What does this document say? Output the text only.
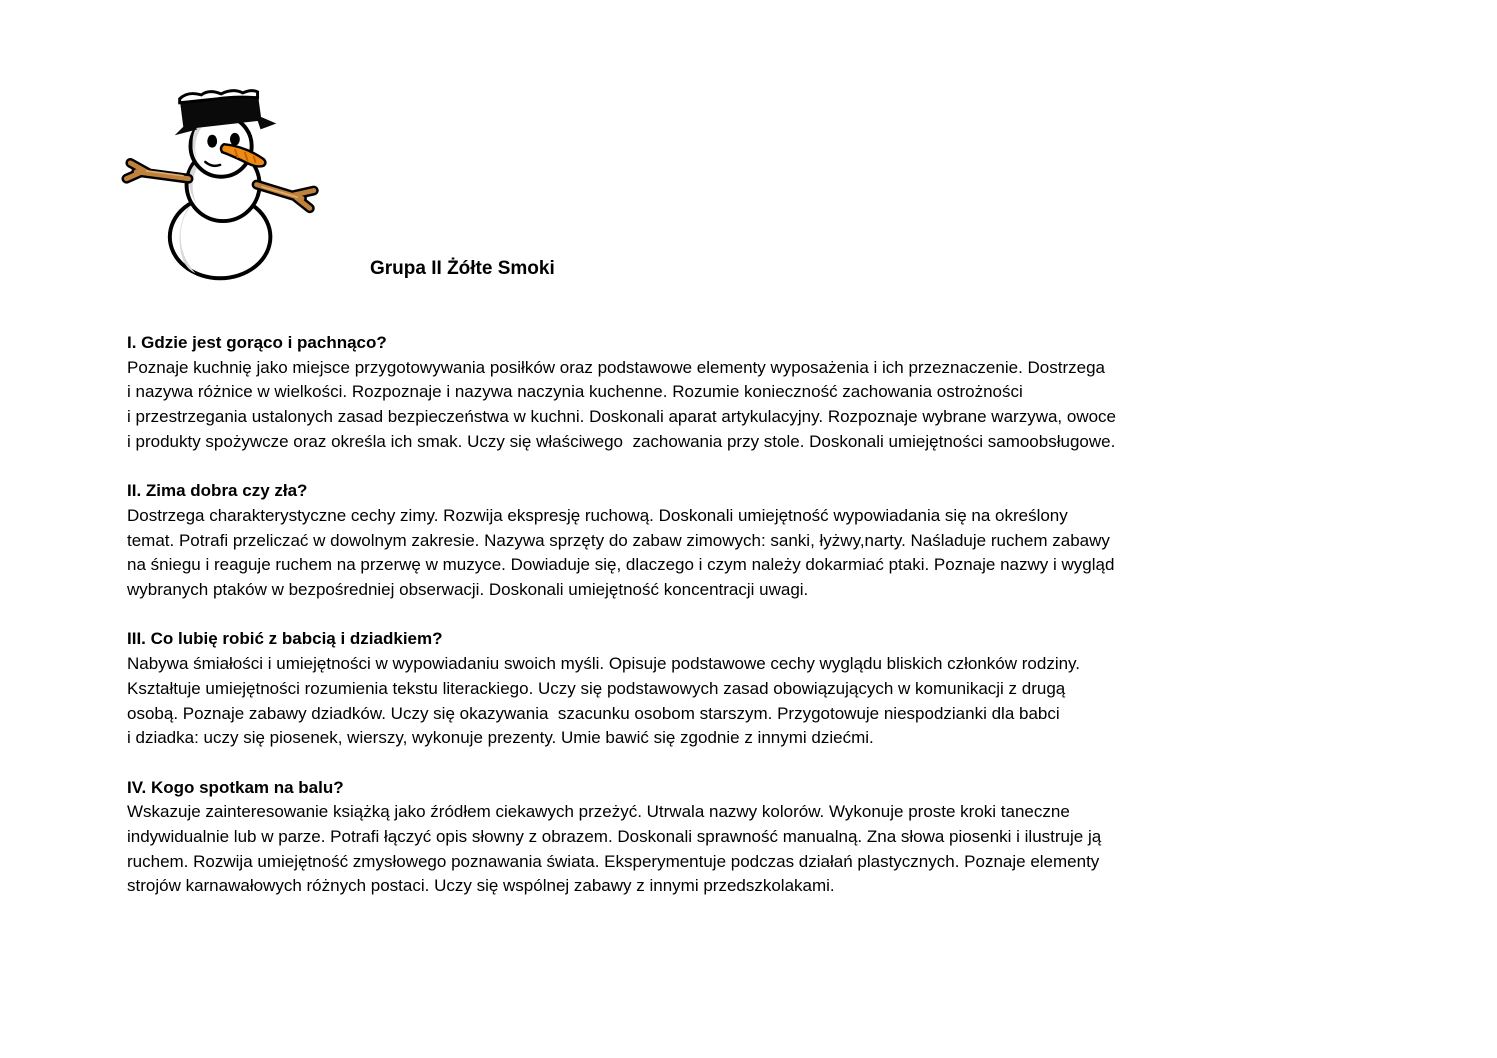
Grupa II Żółte Smoki
I. Gdzie jest gorąco i pachnąco?
Poznaje kuchnię jako miejsce przygotowywania posiłków oraz podstawowe elementy wyposażenia i ich przeznaczenie. Dostrzega
i nazywa różnice w wielkości. Rozpoznaje i nazywa naczynia kuchenne. Rozumie konieczność zachowania ostrożności
i przestrzegania ustalonych zasad bezpieczeństwa w kuchni. Doskonali aparat artykulacyjny. Rozpoznaje wybrane warzywa, owoce
i produkty spożywcze oraz określa ich smak. Uczy się właściwego  zachowania przy stole. Doskonali umiejętności samoobsługowe.
II. Zima dobra czy zła?
Dostrzega charakterystyczne cechy zimy. Rozwija ekspresję ruchową. Doskonali umiejętność wypowiadania się na określony
temat. Potrafi przeliczać w dowolnym zakresie. Nazywa sprzęty do zabaw zimowych: sanki, łyżwy,narty. Naśladuje ruchem zabawy
na śniegu i reaguje ruchem na przerwę w muzyce. Dowiaduje się, dlaczego i czym należy dokarmiać ptaki. Poznaje nazwy i wygląd
wybranych ptaków w bezpośredniej obserwacji. Doskonali umiejętność koncentracji uwagi.
III. Co lubię robić z babcią i dziadkiem?
Nabywa śmiałości i umiejętności w wypowiadaniu swoich myśli. Opisuje podstawowe cechy wyglądu bliskich członków rodziny.
Kształtuje umiejętności rozumienia tekstu literackiego. Uczy się podstawowych zasad obowiązujących w komunikacji z drugą
osobą. Poznaje zabawy dziadków. Uczy się okazywania  szacunku osobom starszym. Przygotowuje niespodzianki dla babci
i dziadka: uczy się piosenek, wierszy, wykonuje prezenty. Umie bawić się zgodnie z innymi dziećmi.
IV. Kogo spotkam na balu?
Wskazuje zainteresowanie książką jako źródłem ciekawych przeżyć. Utrwala nazwy kolorów. Wykonuje proste kroki taneczne
indywidualnie lub w parze. Potrafi łączyć opis słowny z obrazem. Doskonali sprawność manualną. Zna słowa piosenki i ilustruje ją
ruchem. Rozwija umiejętność zmysłowego poznawania świata. Eksperymentuje podczas działań plastycznych. Poznaje elementy
strojów karnawałowych różnych postaci. Uczy się wspólnej zabawy z innymi przedszkolakami.
